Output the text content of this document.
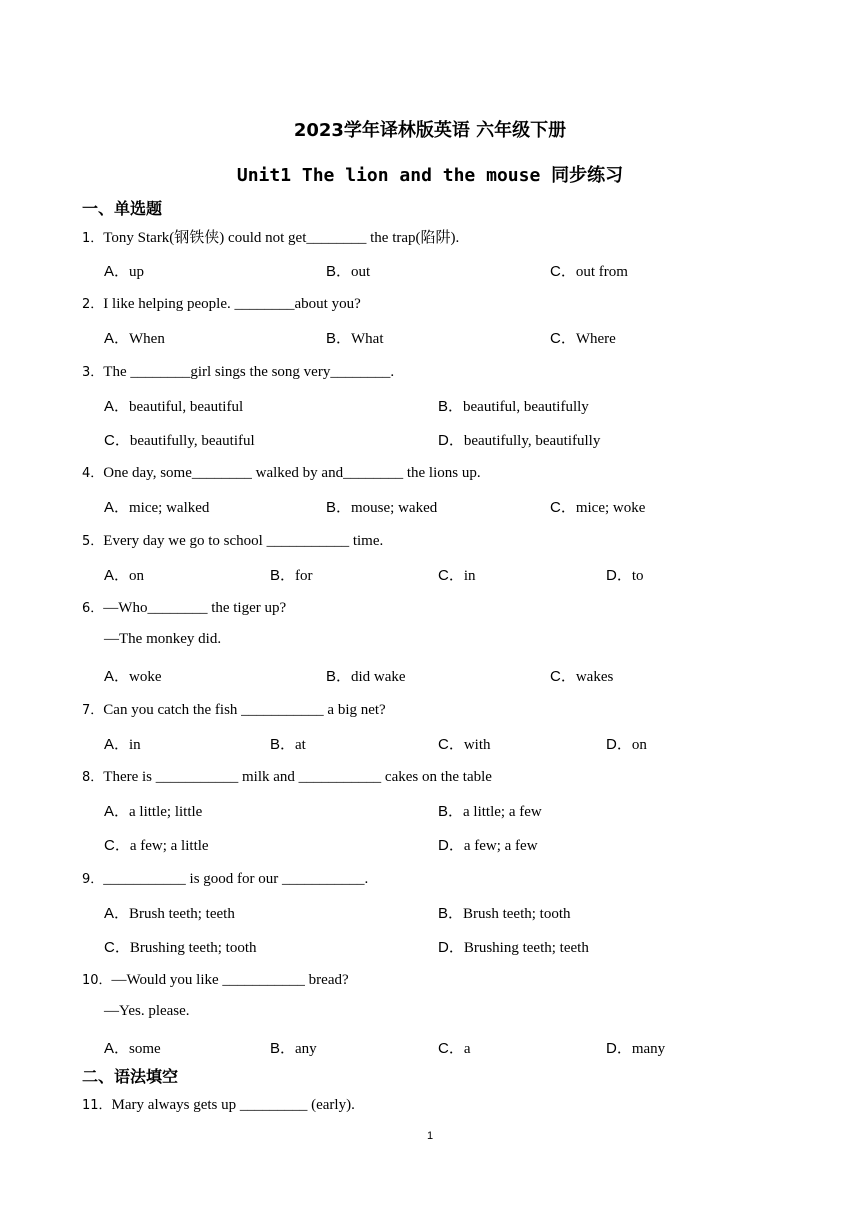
2023学年译林版英语 六年级下册
Unit1 The lion and the mouse 同步练习
一、单选题
1．Tony Stark(钢铁侠) could not get________ the trap(陷阱).
A．up	B．out	C．out from
2．I like helping people. ________about you?
A．When	B．What	C．Where
3．The ________girl sings the song very________.
A．beautiful, beautiful	B．beautiful, beautifully
C．beautifully, beautiful	D．beautifully, beautifully
4．One day, some________ walked by and________ the lions up.
A．mice; walked	B．mouse; waked	C．mice; woke
5．Every day we go to school ___________ time.
A．on	B．for	C．in	D．to
6．—Who________ the tiger up?
—The monkey did.
A．woke	B．did wake	C．wakes
7．Can you catch the fish ___________ a big net?
A．in	B．at	C．with	D．on
8．There is ___________ milk and ___________ cakes on the table
A．a little; little	B．a little; a few
C．a few; a little	D．a few; a few
9．___________ is good for our ___________.
A．Brush teeth; teeth	B．Brush teeth; tooth
C．Brushing teeth; tooth	D．Brushing teeth; teeth
10．—Would you like ___________ bread?
—Yes. please.
A．some	B．any	C．a	D．many
二、语法填空
11．Mary always gets up _________ (early).
1
